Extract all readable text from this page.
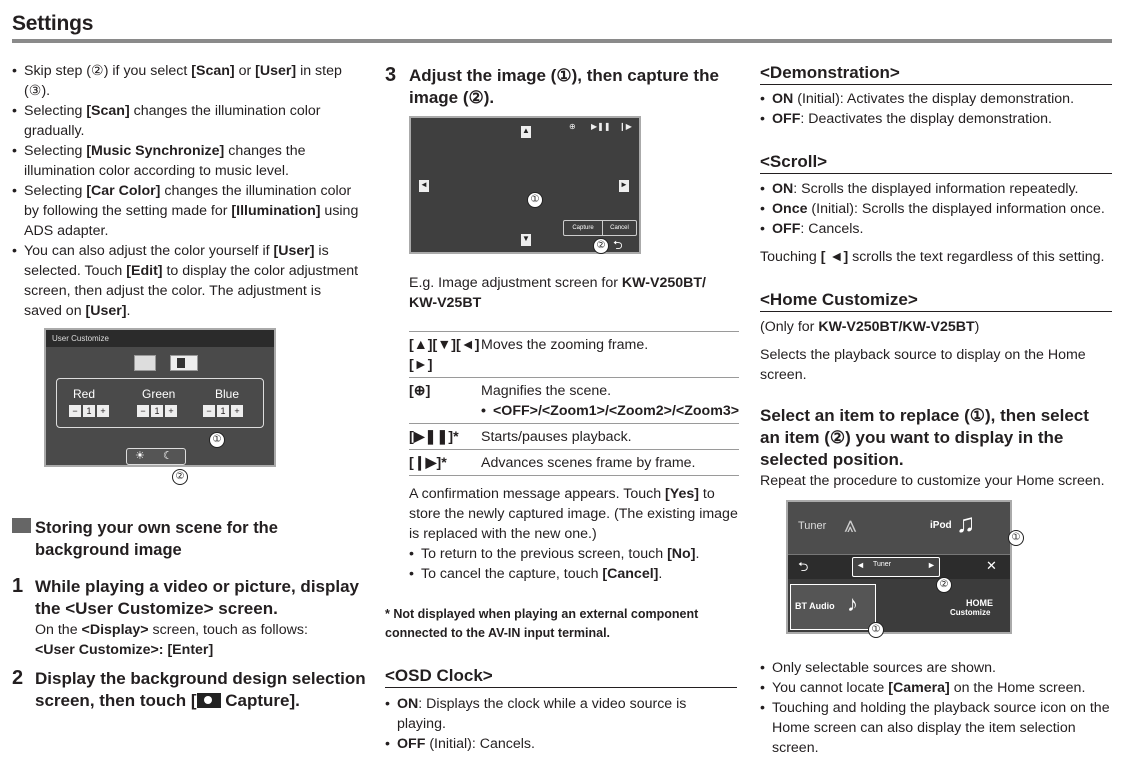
Settings
• Skip step (②) if you select [Scan] or [User] in step (③).
• Selecting [Scan] changes the illumination color gradually.
• Selecting [Music Synchronize] changes the illumination color according to music level.
• Selecting [Car Color] changes the illumination color by following the setting made for [Illumination] using ADS adapter.
• You can also adjust the color yourself if [User] is selected. Touch [Edit] to display the color adjustment screen, then adjust the color. The adjustment is saved on [User].
User Customize
Red	Green	Blue
− 1 +	− 1 +	− 1 +
①
☀ ☾
②
Storing your own scene for the background image
1 While playing a video or picture, display the <User Customize> screen.
On the <Display> screen, touch as follows:
<User Customize>: [Enter]
2 Display the background design selection screen, then touch [
Capture].
3 Adjust the image (①), then capture the image (②).
▲
▼
◄	►
⊕ ▶❚❚ ❙▶
①
Capture	Cancel
② ⮌
E.g. Image adjustment screen for KW-V250BT/
KW-V25BT
[▲][▼][◄][►]	Moves the zooming frame.
[⊕]	Magnifies the scene.
• <OFF>/<Zoom1>/<Zoom2>/<Zoom3>

[▶❚❚]*	Starts/pauses playback.
[❙▶]*	Advances scenes frame by frame.
A confirmation message appears. Touch [Yes] to store the newly captured image. (The existing image is replaced with the new one.)
• To return to the previous screen, touch [No].
• To cancel the capture, touch [Cancel].
* Not displayed when playing an external component connected to the AV-IN input terminal.
<OSD Clock>
• ON: Displays the clock while a video source is playing.
• OFF (Initial): Cancels.
<Demonstration>
• ON (Initial): Activates the display demonstration.
• OFF: Deactivates the display demonstration.
<Scroll>
• ON: Scrolls the displayed information repeatedly.
• Once (Initial): Scrolls the displayed information once.
• OFF: Cancels.
Touching [ ◄] scrolls the text regardless of this setting.
<Home Customize>
(Only for KW-V250BT/KW-V25BT)
Selects the playback source to display on the Home screen.
Select an item to replace (①), then select an item (②) you want to display in the selected position.
Repeat the procedure to customize your Home screen.
Tuner ⩓	iPod ♫
⮌	◄ Tuner	►
②
✕
BT Audio ♪
①
HOME
Customize
①
• Only selectable sources are shown.
• You cannot locate [Camera] on the Home screen.
• Touching and holding the playback source icon on the Home screen can also display the item selection screen.
